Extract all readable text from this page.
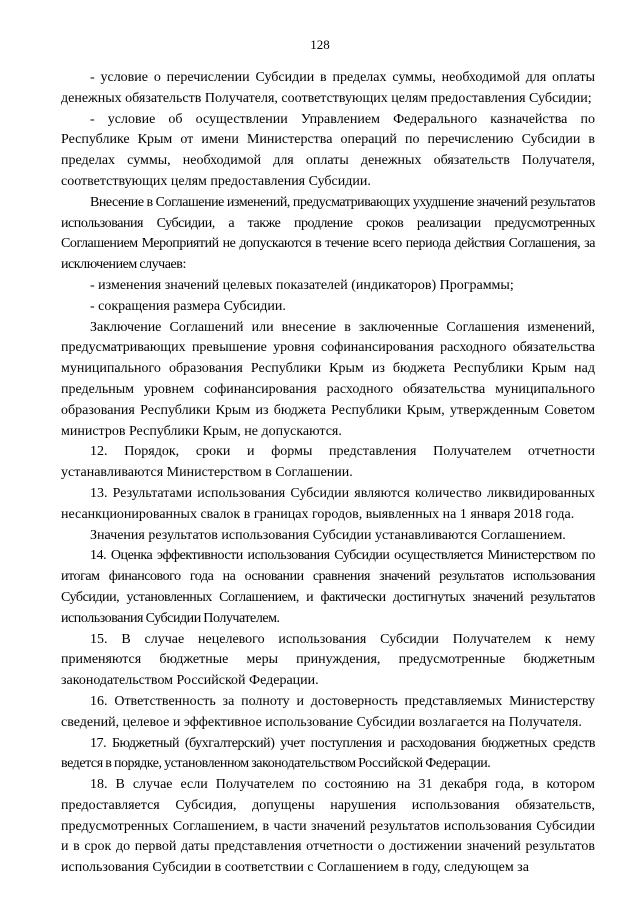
128

- условие о перечислении Субсидии в пределах суммы, необходимой для оплаты денежных обязательств Получателя, соответствующих целям предоставления Субсидии;

- условие об осуществлении Управлением Федерального казначейства по Республике Крым от имени Министерства операций по перечислению Субсидии в пределах суммы, необходимой для оплаты денежных обязательств Получателя, соответствующих целям предоставления Субсидии.

Внесение в Соглашение изменений, предусматривающих ухудшение значений результатов использования Субсидии, а также продление сроков реализации предусмотренных Соглашением Мероприятий не допускаются в течение всего периода действия Соглашения, за исключением случаев:

- изменения значений целевых показателей (индикаторов) Программы;

- сокращения размера Субсидии.

Заключение Соглашений или внесение в заключенные Соглашения изменений, предусматривающих превышение уровня софинансирования расходного обязательства муниципального образования Республики Крым из бюджета Республики Крым над предельным уровнем софинансирования расходного обязательства муниципального образования Республики Крым из бюджета Республики Крым, утвержденным Советом министров Республики Крым, не допускаются.

12. Порядок, сроки и формы представления Получателем отчетности устанавливаются Министерством в Соглашении.

13. Результатами использования Субсидии являются количество ликвидированных несанкционированных свалок в границах городов, выявленных на 1 января 2018 года.

Значения результатов использования Субсидии устанавливаются Соглашением.

14. Оценка эффективности использования Субсидии осуществляется Министерством по итогам финансового года на основании сравнения значений результатов использования Субсидии, установленных Соглашением, и фактически достигнутых значений результатов использования Субсидии Получателем.

15. В случае нецелевого использования Субсидии Получателем к нему применяются бюджетные меры принуждения, предусмотренные бюджетным законодательством Российской Федерации.

16. Ответственность за полноту и достоверность представляемых Министерству сведений, целевое и эффективное использование Субсидии возлагается на Получателя.

17. Бюджетный (бухгалтерский) учет поступления и расходования бюджетных средств ведется в порядке, установленном законодательством Российской Федерации.

18. В случае если Получателем по состоянию на 31 декабря года, в котором предоставляется Субсидия, допущены нарушения использования обязательств, предусмотренных Соглашением, в части значений результатов использования Субсидии и в срок до первой даты представления отчетности о достижении значений результатов использования Субсидии в соответствии с Соглашением в году, следующем за
